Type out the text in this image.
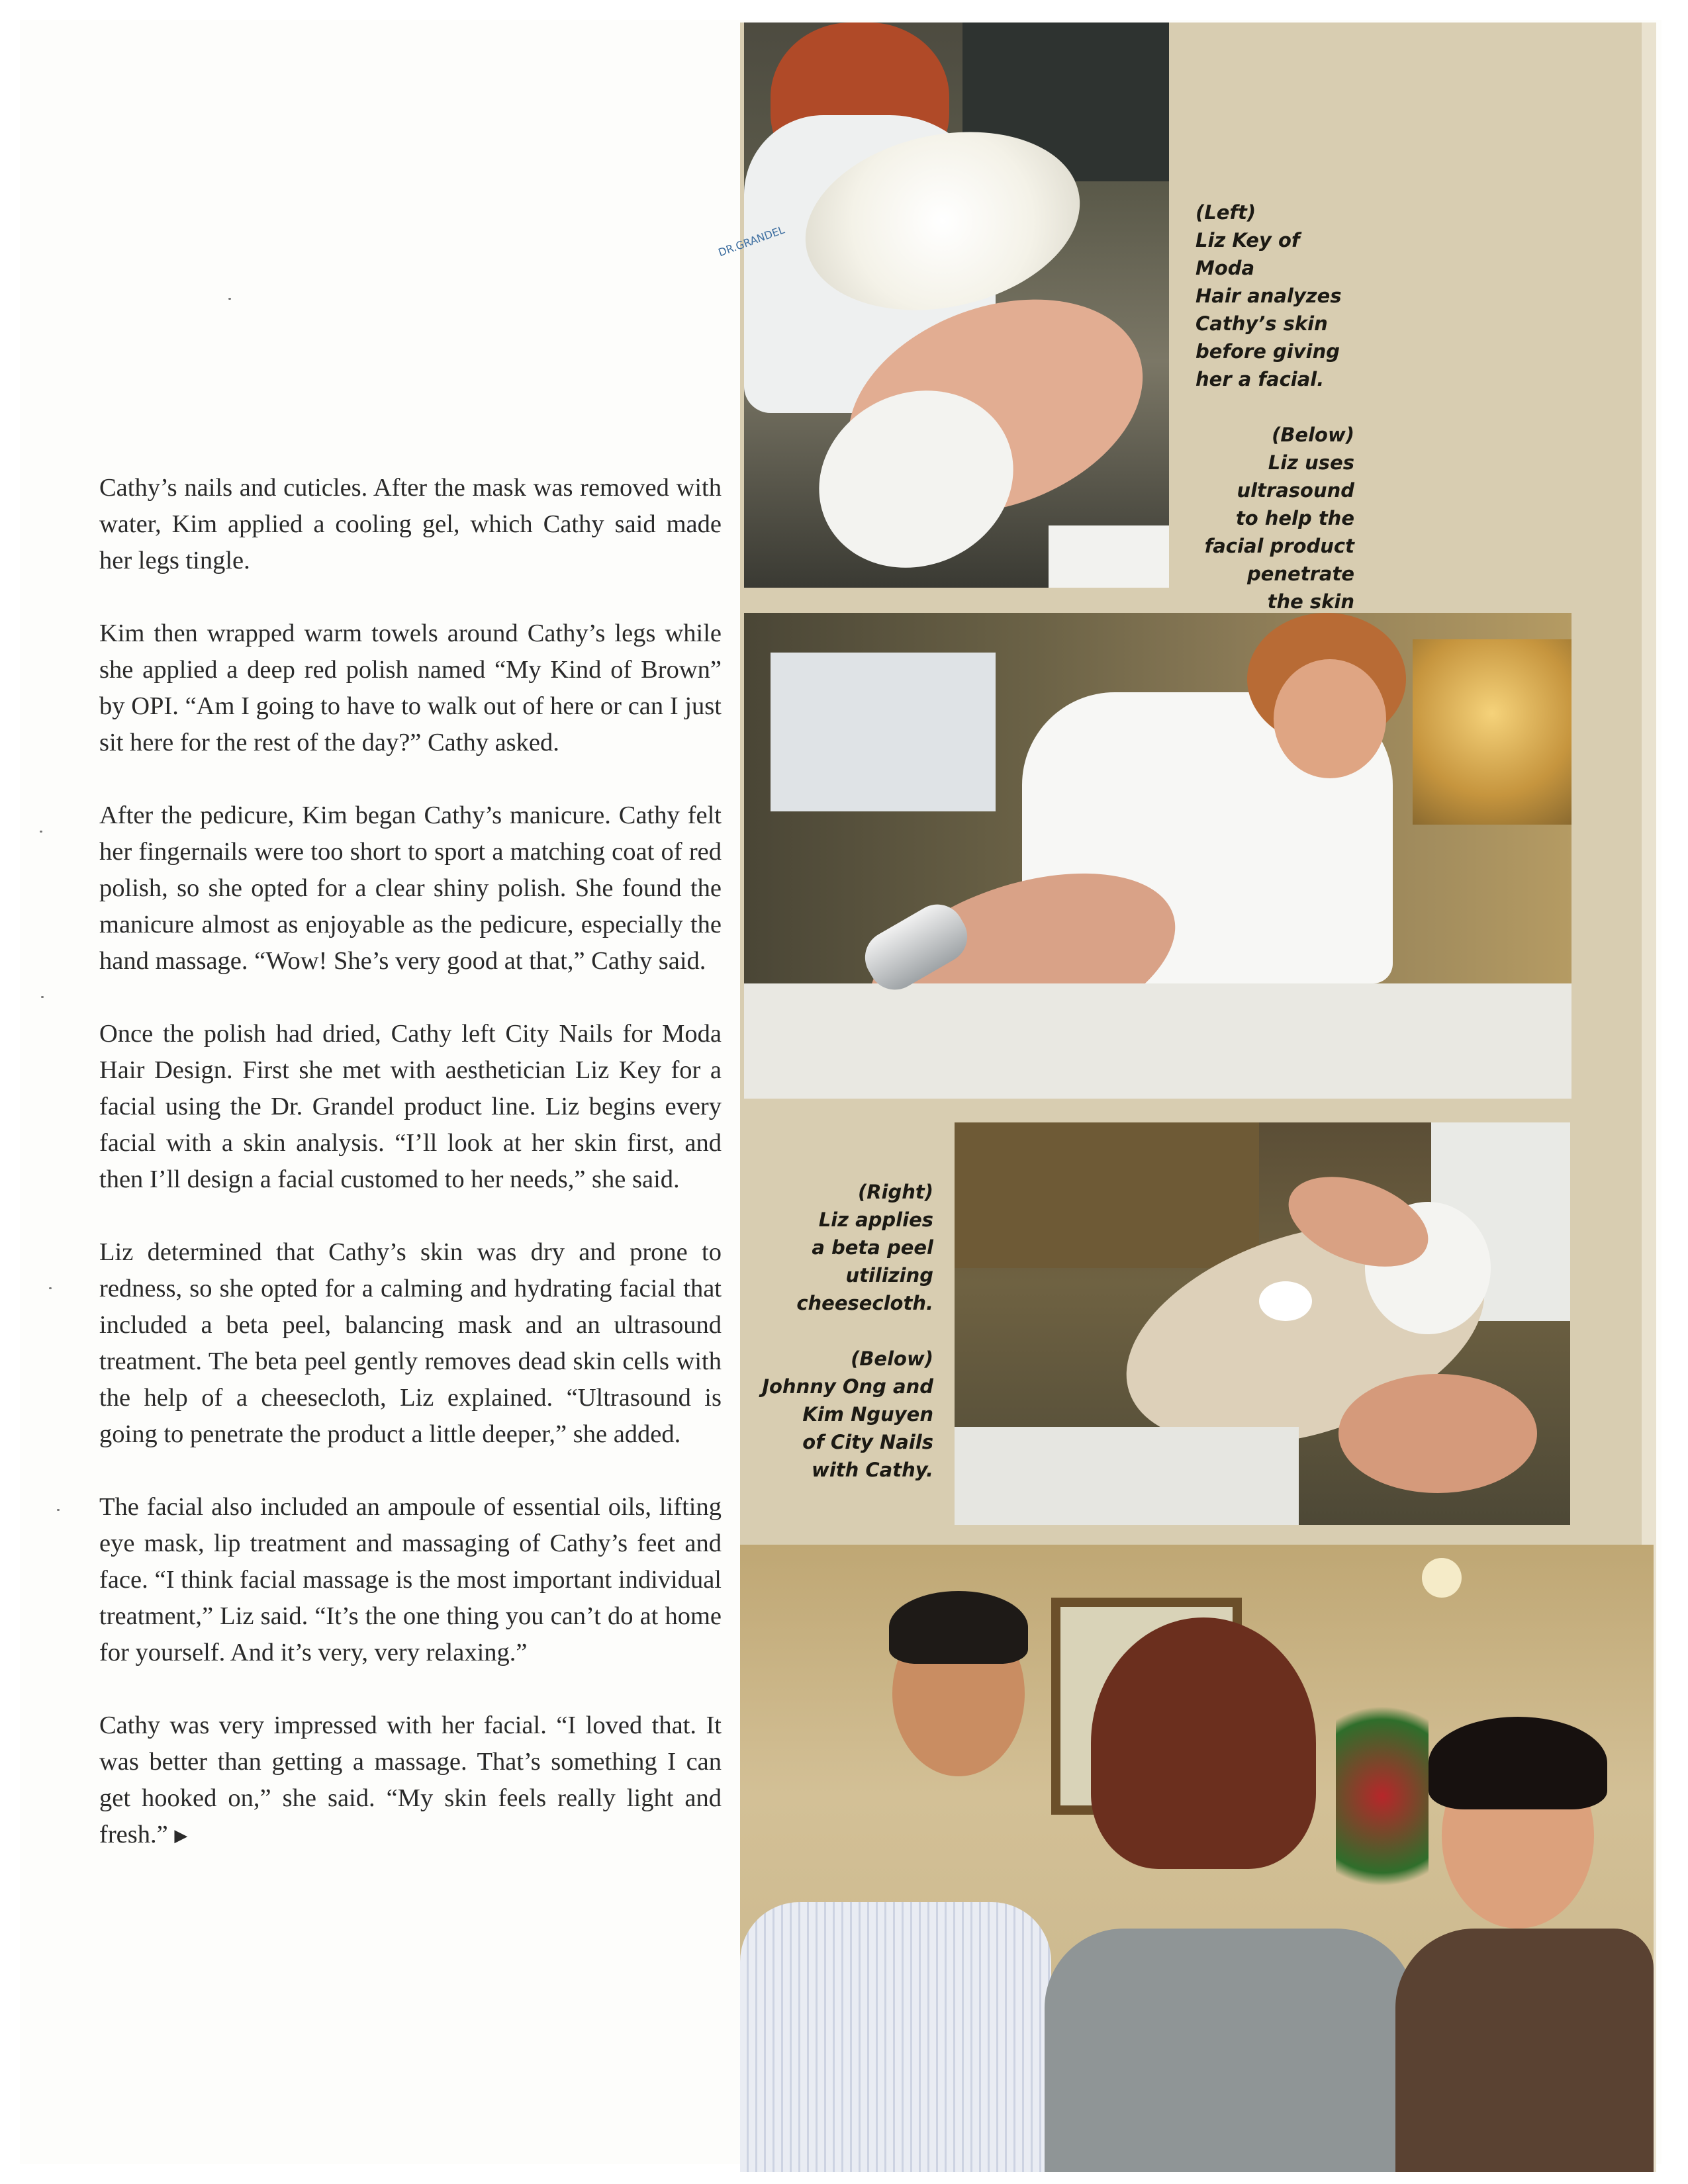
DR.GRANDEL

(Left)
Liz Key of Moda
Hair analyzes
Cathy’s skin
before giving
her a facial.

(Below)
Liz uses
ultrasound
to help the
facial product
penetrate
the skin

(Right)
Liz applies
a beta peel
utilizing
cheesecloth.

(Below)
Johnny Ong and
Kim Nguyen
of City Nails
with Cathy.

Cathy’s nails and cuticles. After the mask was removed with water, Kim applied a cooling gel, which Cathy said made her legs tingle.

Kim then wrapped warm towels around Cathy’s legs while she applied a deep red polish named “My Kind of Brown” by OPI. “Am I going to have to walk out of here or can I just sit here for the rest of the day?” Cathy asked.

After the pedicure, Kim began Cathy’s manicure. Cathy felt her fingernails were too short to sport a matching coat of red polish, so she opted for a clear shiny polish. She found the manicure almost as enjoyable as the pedicure, especially the hand massage. “Wow! She’s very good at that,” Cathy said.

Once the polish had dried, Cathy left City Nails for Moda Hair Design. First she met with aesthetician Liz Key for a facial using the Dr. Grandel product line. Liz begins every facial with a skin analysis. “I’ll look at her skin first, and then I’ll design a facial customed to her needs,” she said.

Liz determined that Cathy’s skin was dry and prone to redness, so she opted for a calming and hydrating facial that included a beta peel, balancing mask and an ultrasound treatment. The beta peel gently removes dead skin cells with the help of a cheesecloth, Liz explained. “Ultrasound is going to penetrate the product a little deeper,” she added.

The facial also included an ampoule of essential oils, lifting eye mask, lip treatment and massaging of Cathy’s feet and face. “I think facial massage is the most important individual treatment,” Liz said. “It’s the one thing you can’t do at home for yourself. And it’s very, very relaxing.”

Cathy was very impressed with her facial. “I loved that. It was better than getting a massage. That’s something I can get hooked on,” she said. “My skin feels really light and fresh.” ▶
